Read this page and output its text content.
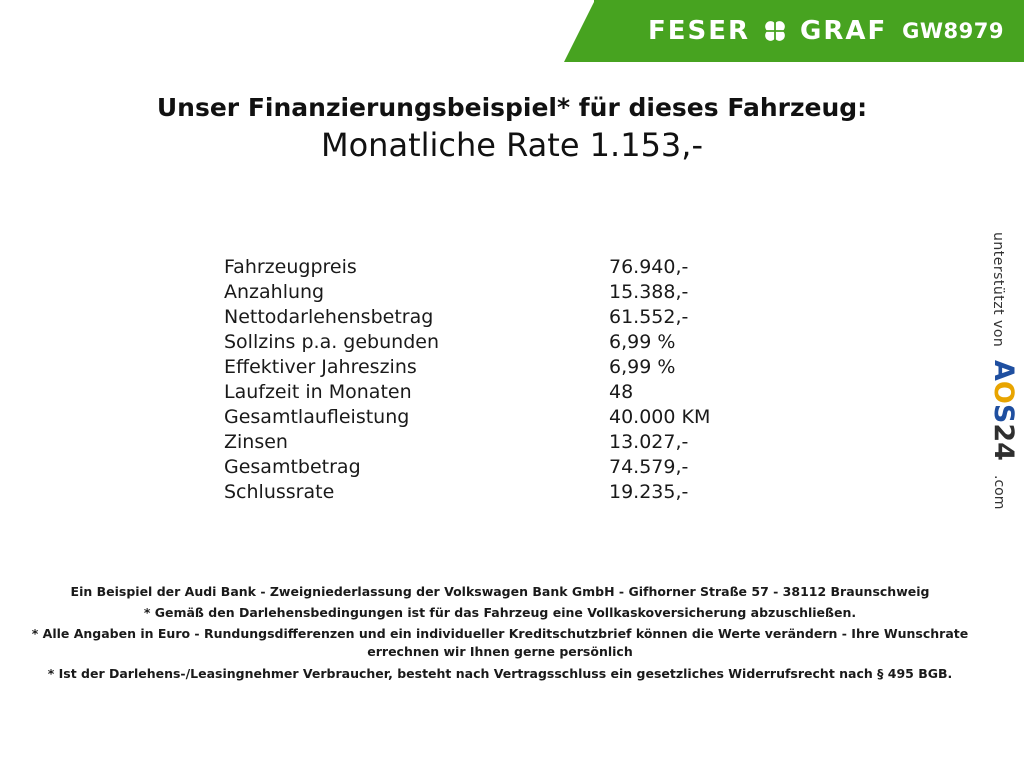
FESER GRAF GW8979
Unser Finanzierungsbeispiel* für dieses Fahrzeug:
Monatliche Rate 1.153,-
Fahrzeugpreis	76.940,-
Anzahlung	15.388,-
Nettodarlehensbetrag	61.552,-
Sollzins p.a. gebunden	6,99 %
Effektiver Jahreszins	6,99 %
Laufzeit in Monaten	48
Gesamtlaufleistung	40.000 KM
Zinsen	13.027,-
Gesamtbetrag	74.579,-
Schlussrate	19.235,-

Ein Beispiel der Audi Bank - Zweigniederlassung der Volkswagen Bank GmbH - Gifhorner Straße 57 - 38112 Braunschweig

* Gemäß den Darlehensbedingungen ist für das Fahrzeug eine Vollkaskoversicherung abzuschließen.

* Alle Angaben in Euro - Rundungsdifferenzen und ein individueller Kreditschutzbrief können die Werte verändern - Ihre Wunschrate errechnen wir Ihnen gerne persönlich

* Ist der Darlehens-/Leasingnehmer Verbraucher, besteht nach Vertragsschluss ein gesetzliches Widerrufsrecht nach § 495 BGB.

unterstützt von
AOS24
.com
